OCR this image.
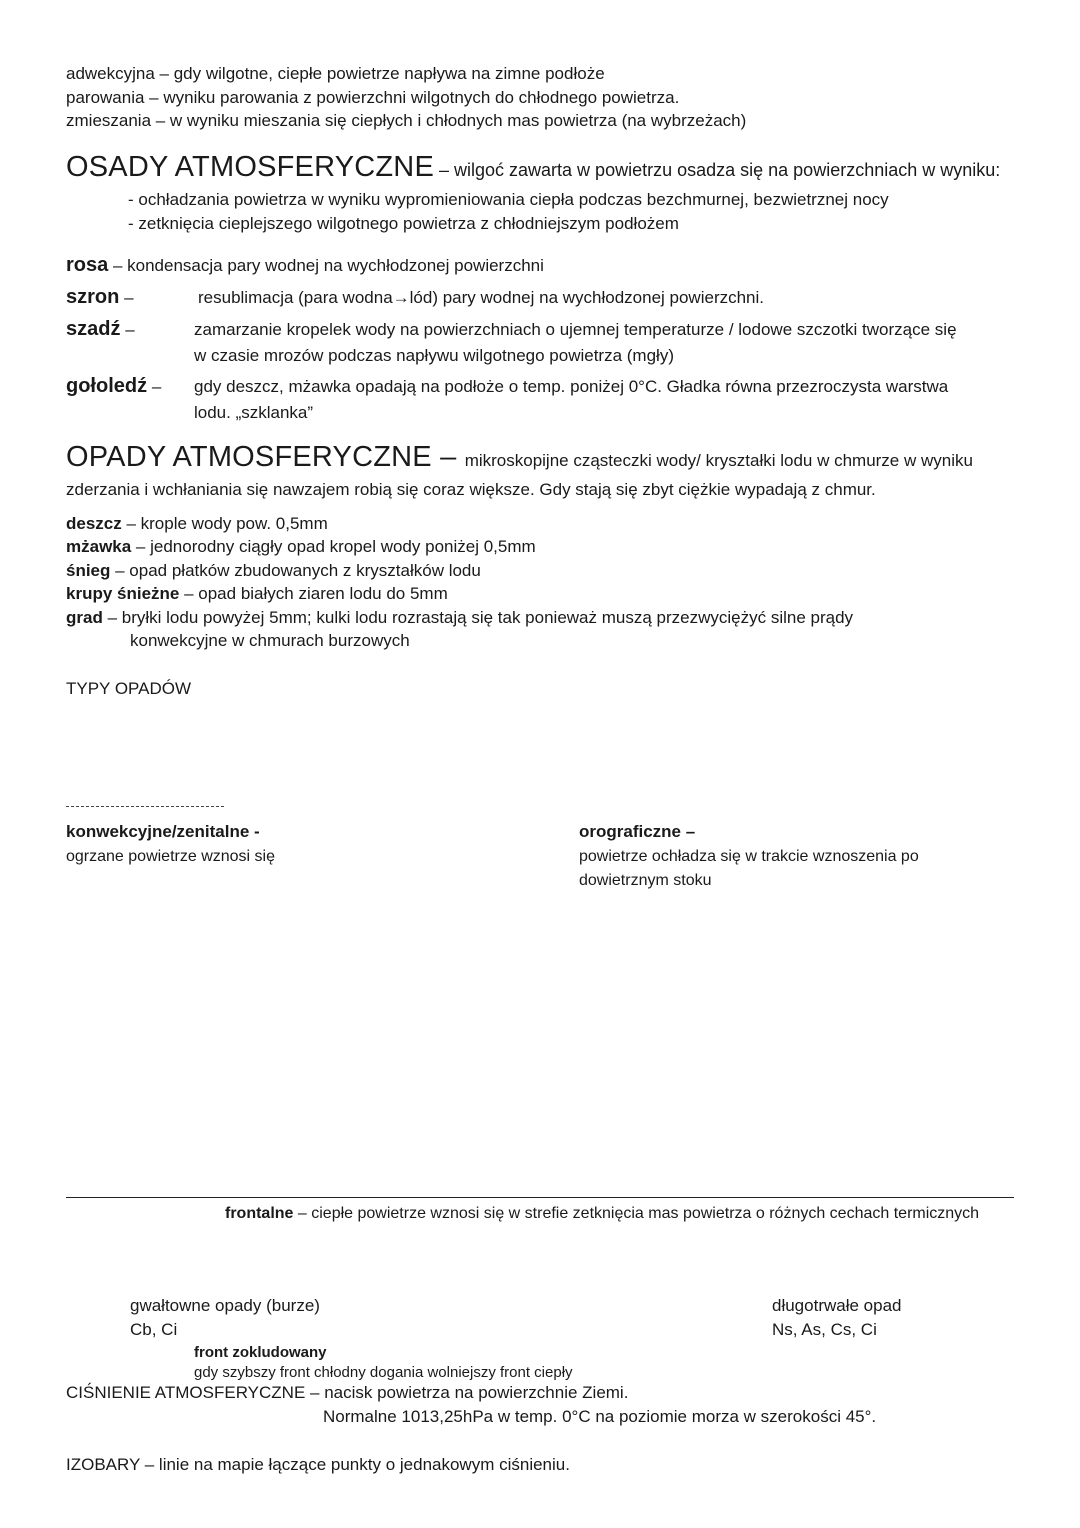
adwekcyjna – gdy wilgotne, ciepłe powietrze napływa na zimne podłoże
parowania – wyniku parowania z powierzchni wilgotnych do chłodnego powietrza.
zmieszania – w wyniku mieszania się ciepłych i chłodnych mas powietrza (na wybrzeżach)
OSADY ATMOSFERYCZNE – wilgoć zawarta w powietrzu osadza się na powierzchniach w wyniku:
- ochładzania powietrza w wyniku wypromieniowania ciepła podczas bezchmurnej, bezwietrznej nocy
- zetknięcia cieplejszego wilgotnego powietrza z chłodniejszym podłożem
rosa – kondensacja pary wodnej na wychłodzonej powierzchni
szron –	resublimacja (para wodna→lód) pary wodnej na wychłodzonej powierzchni.
szadź –	zamarzanie kropelek wody na powierzchniach o ujemnej temperaturze / lodowe szczotki tworzące się
w czasie mrozów podczas napływu wilgotnego powietrza (mgły)
gołoledź – gdy deszcz, mżawka opadają na podłoże o temp. poniżej 0°C. Gładka równa przezroczysta warstwa
lodu. „szklanka”
OPADY ATMOSFERYCZNE – mikroskopijne cząsteczki wody/ kryształki lodu w chmurze w wyniku
zderzania i wchłaniania się nawzajem robią się coraz większe. Gdy stają się zbyt ciężkie wypadają z chmur.
deszcz – krople wody pow. 0,5mm
mżawka – jednorodny ciągły opad kropel wody poniżej 0,5mm
śnieg – opad płatków zbudowanych z kryształków lodu
krupy śnieżne – opad białych ziaren lodu do 5mm
grad – bryłki lodu powyżej 5mm; kulki lodu rozrastają się tak ponieważ muszą przezwyciężyć silne prądy
konwekcyjne w chmurach burzowych
TYPY OPADÓW
konwekcyjne/zenitalne -
ogrzane powietrze wznosi się
orograficzne –
powietrze ochładza się w trakcie wznoszenia po
dowietrznym stoku
frontalne – ciepłe powietrze wznosi się w strefie zetknięcia mas powietrza o różnych cechach termicznych
gwałtowne opady (burze)
Cb, Ci
długotrwałe opad
Ns, As, Cs, Ci
front zokludowany
gdy szybszy front chłodny dogania wolniejszy front ciepły
CIŚNIENIE ATMOSFERYCZNE – nacisk powietrza na powierzchnie Ziemi.
Normalne 1013,25hPa w temp. 0°C na poziomie morza w szerokości 45°.
IZOBARY – linie na mapie łączące punkty o jednakowym ciśnieniu.
